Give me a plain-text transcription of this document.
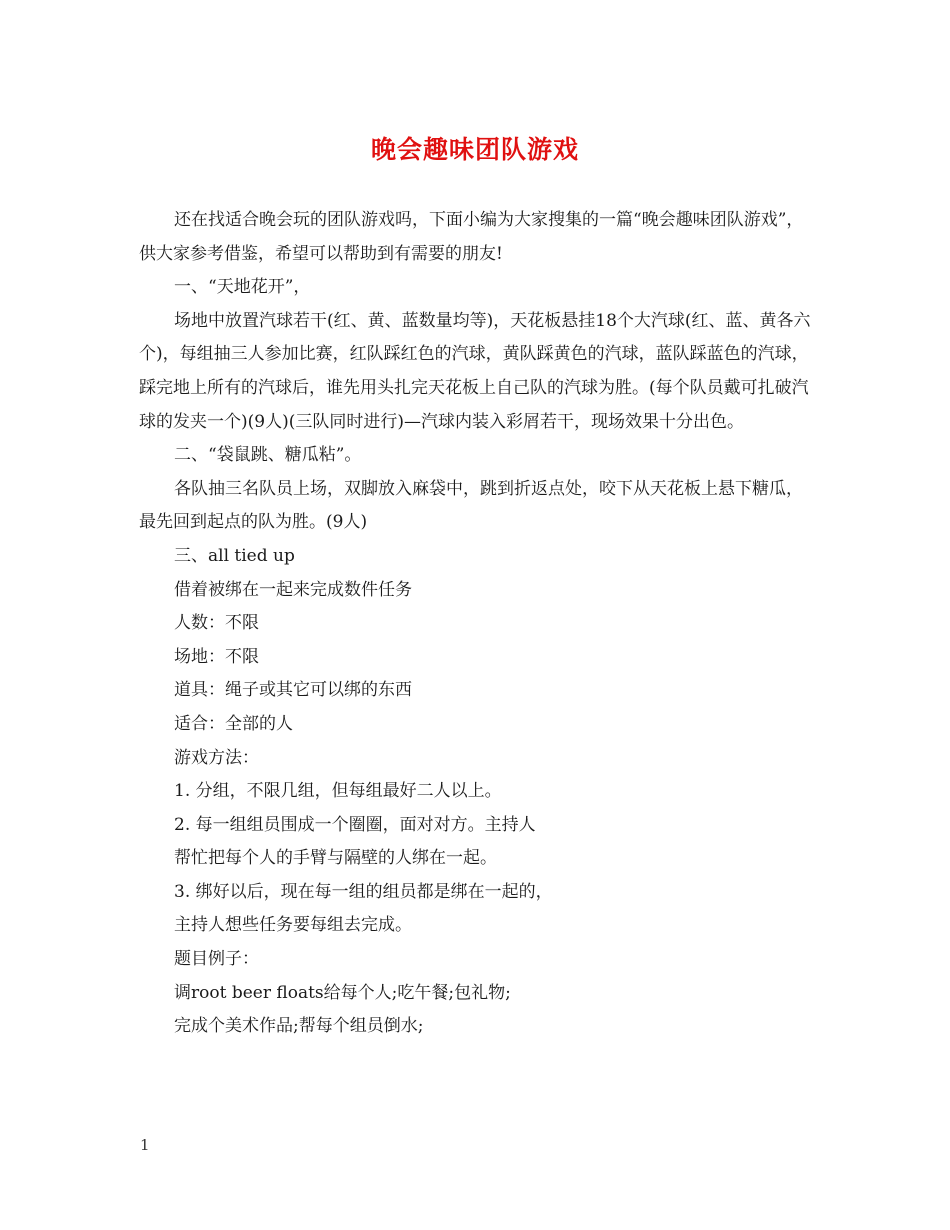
晚会趣味团队游戏

还在找适合晚会玩的团队游戏吗，下面小编为大家搜集的一篇“晚会趣味团队游戏”，供大家参考借鉴，希望可以帮助到有需要的朋友!

一、“天地花开”，

场地中放置汽球若干(红、黄、蓝数量均等)，天花板悬挂18个大汽球(红、蓝、黄各六个)，每组抽三人参加比赛，红队踩红色的汽球，黄队踩黄色的汽球，蓝队踩蓝色的汽球，踩完地上所有的汽球后，谁先用头扎完天花板上自己队的汽球为胜。(每个队员戴可扎破汽球的发夹一个)(9人)(三队同时进行)—汽球内装入彩屑若干，现场效果十分出色。

二、“袋鼠跳、糖瓜粘”。

各队抽三名队员上场，双脚放入麻袋中，跳到折返点处，咬下从天花板上悬下糖瓜，最先回到起点的队为胜。(9人)

三、all tied up

借着被绑在一起来完成数件任务

人数：不限

场地：不限

道具：绳子或其它可以绑的东西

适合：全部的人

游戏方法：

1. 分组，不限几组，但每组最好二人以上。

2. 每一组组员围成一个圈圈，面对对方。主持人

帮忙把每个人的手臂与隔壁的人绑在一起。

3. 绑好以后，现在每一组的组员都是绑在一起的，

主持人想些任务要每组去完成。

题目例子：

调root beer floats给每个人;吃午餐;包礼物;

完成个美术作品;帮每个组员倒水;

1
